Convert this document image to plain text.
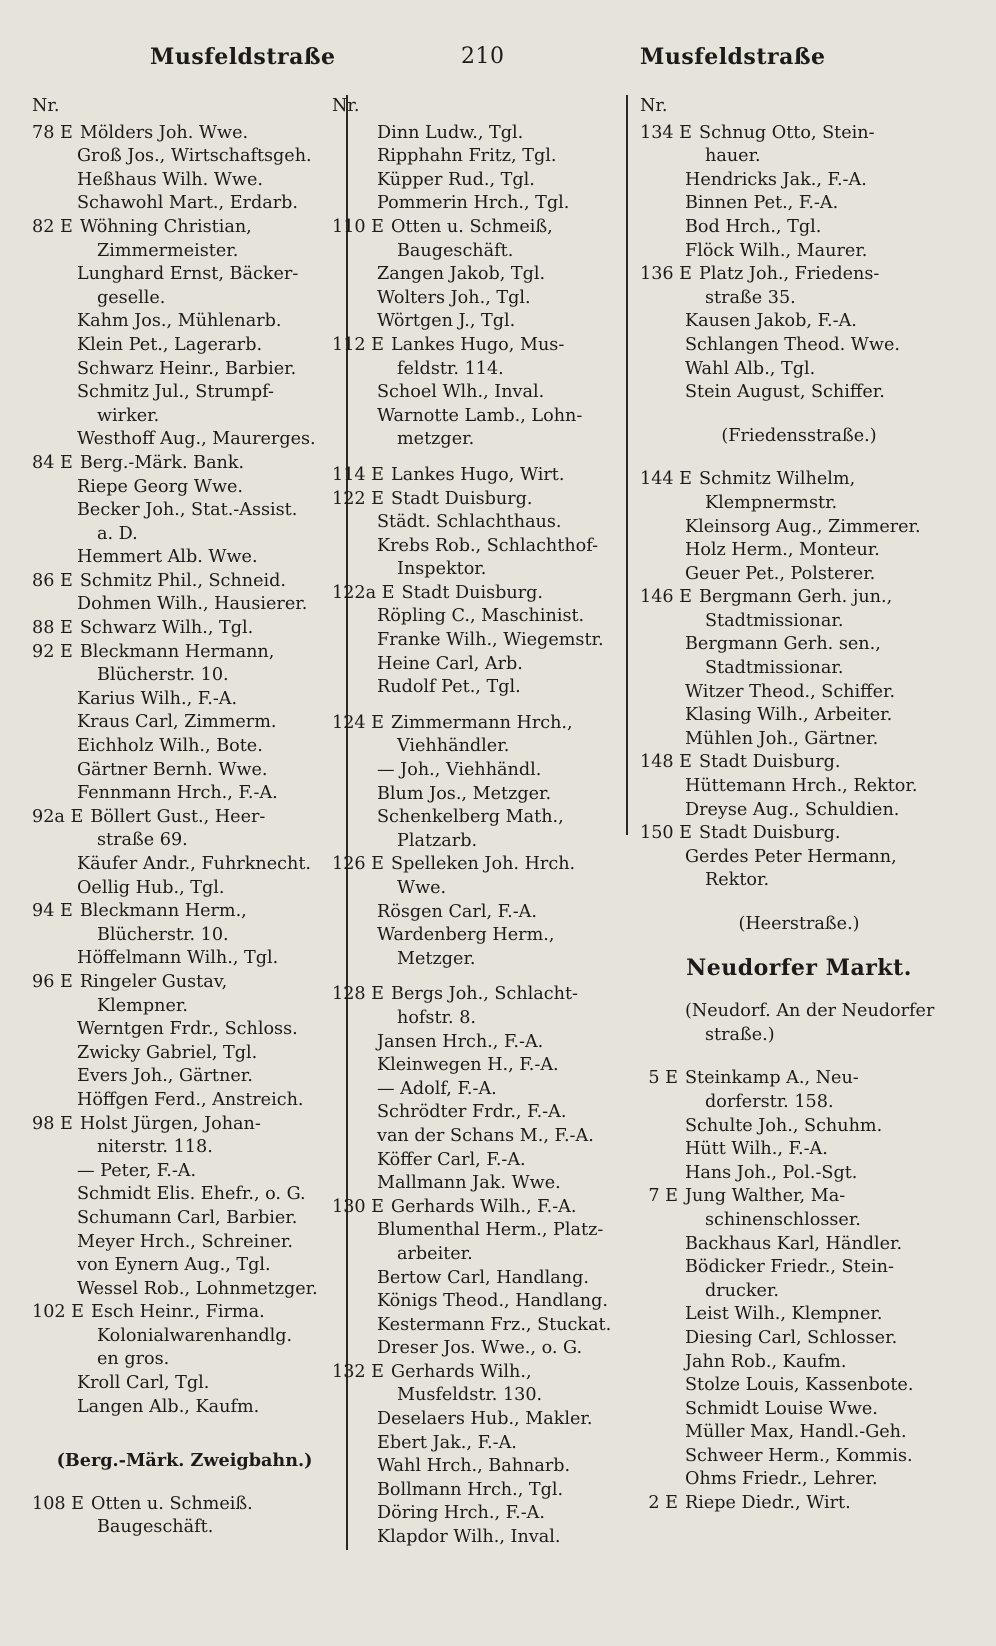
Musfeldstraße	210	Musfeldstraße
Nr.
78 E Mölders Joh. Wwe.
Groß Jos., Wirtschaftsgeh.
Heßhaus Wilh. Wwe.
Schawohl Mart., Erdarb.
82 E Wöhning Christian,
Zimmermeister.
Lunghard Ernst, Bäcker-
geselle.
Kahm Jos., Mühlenarb.
Klein Pet., Lagerarb.
Schwarz Heinr., Barbier.
Schmitz Jul., Strumpf-
wirker.
Westhoff Aug., Maurerges.
84 E Berg.-Märk. Bank.
Riepe Georg Wwe.
Becker Joh., Stat.-Assist.
a. D.
Hemmert Alb. Wwe.
86 E Schmitz Phil., Schneid.
Dohmen Wilh., Hausierer.
88 E Schwarz Wilh., Tgl.
92 E Bleckmann Hermann,
Blücherstr. 10.
Karius Wilh., F.-A.
Kraus Carl, Zimmerm.
Eichholz Wilh., Bote.
Gärtner Bernh. Wwe.
Fennmann Hrch., F.-A.
92a E Böllert Gust., Heer-
straße 69.
Käufer Andr., Fuhrknecht.
Oellig Hub., Tgl.
94 E Bleckmann Herm.,
Blücherstr. 10.
Höffelmann Wilh., Tgl.
96 E Ringeler Gustav,
Klempner.
Werntgen Frdr., Schloss.
Zwicky Gabriel, Tgl.
Evers Joh., Gärtner.
Höffgen Ferd., Anstreich.
98 E Holst Jürgen, Johan-
niterstr. 118.
— Peter, F.-A.
Schmidt Elis. Ehefr., o. G.
Schumann Carl, Barbier.
Meyer Hrch., Schreiner.
von Eynern Aug., Tgl.
Wessel Rob., Lohnmetzger.
102 E Esch Heinr., Firma.
Kolonialwarenhandlg.
en gros.
Kroll Carl, Tgl.
Langen Alb., Kaufm.
(Berg.-Märk. Zweigbahn.)
108 E Otten u. Schmeiß.
Baugeschäft.
Nr.
Dinn Ludw., Tgl.
Ripphahn Fritz, Tgl.
Küpper Rud., Tgl.
Pommerin Hrch., Tgl.
110 E Otten u. Schmeiß,
Baugeschäft.
Zangen Jakob, Tgl.
Wolters Joh., Tgl.
Wörtgen J., Tgl.
112 E Lankes Hugo, Mus-
feldstr. 114.
Schoel Wlh., Inval.
Warnotte Lamb., Lohn-
metzger.
114 E Lankes Hugo, Wirt.
122 E Stadt Duisburg.
Städt. Schlachthaus.
Krebs Rob., Schlachthof-
Inspektor.
122a E Stadt Duisburg.
Röpling C., Maschinist.
Franke Wilh., Wiegemstr.
Heine Carl, Arb.
Rudolf Pet., Tgl.
124 E Zimmermann Hrch.,
Viehhändler.
— Joh., Viehhändl.
Blum Jos., Metzger.
Schenkelberg Math.,
Platzarb.
126 E Spelleken Joh. Hrch.
Wwe.
Rösgen Carl, F.-A.
Wardenberg Herm.,
Metzger.
128 E Bergs Joh., Schlacht-
hofstr. 8.
Jansen Hrch., F.-A.
Kleinwegen H., F.-A.
— Adolf, F.-A.
Schrödter Frdr., F.-A.
van der Schans M., F.-A.
Köffer Carl, F.-A.
Mallmann Jak. Wwe.
130 E Gerhards Wilh., F.-A.
Blumenthal Herm., Platz-
arbeiter.
Bertow Carl, Handlang.
Königs Theod., Handlang.
Kestermann Frz., Stuckat.
Dreser Jos. Wwe., o. G.
132 E Gerhards Wilh.,
Musfeldstr. 130.
Deselaers Hub., Makler.
Ebert Jak., F.-A.
Wahl Hrch., Bahnarb.
Bollmann Hrch., Tgl.
Döring Hrch., F.-A.
Klapdor Wilh., Inval.
Nr.
134 E Schnug Otto, Stein-
hauer.
Hendricks Jak., F.-A.
Binnen Pet., F.-A.
Bod Hrch., Tgl.
Flöck Wilh., Maurer.
136 E Platz Joh., Friedens-
straße 35.
Kausen Jakob, F.-A.
Schlangen Theod. Wwe.
Wahl Alb., Tgl.
Stein August, Schiffer.
(Friedensstraße.)
144 E Schmitz Wilhelm,
Klempnermstr.
Kleinsorg Aug., Zimmerer.
Holz Herm., Monteur.
Geuer Pet., Polsterer.
146 E Bergmann Gerh. jun.,
Stadtmissionar.
Bergmann Gerh. sen.,
Stadtmissionar.
Witzer Theod., Schiffer.
Klasing Wilh., Arbeiter.
Mühlen Joh., Gärtner.
148 E Stadt Duisburg.
Hüttemann Hrch., Rektor.
Dreyse Aug., Schuldien.
150 E Stadt Duisburg.
Gerdes Peter Hermann,
Rektor.
(Heerstraße.)
Neudorfer Markt.
(Neudorf. An der Neudorfer
straße.)
5 E Steinkamp A., Neu-
dorferstr. 158.
Schulte Joh., Schuhm.
Hütt Wilh., F.-A.
Hans Joh., Pol.-Sgt.
7 E Jung Walther, Ma-
schinenschlosser.
Backhaus Karl, Händler.
Bödicker Friedr., Stein-
drucker.
Leist Wilh., Klempner.
Diesing Carl, Schlosser.
Jahn Rob., Kaufm.
Stolze Louis, Kassenbote.
Schmidt Louise Wwe.
Müller Max, Handl.-Geh.
Schweer Herm., Kommis.
Ohms Friedr., Lehrer.
2 E Riepe Diedr., Wirt.
